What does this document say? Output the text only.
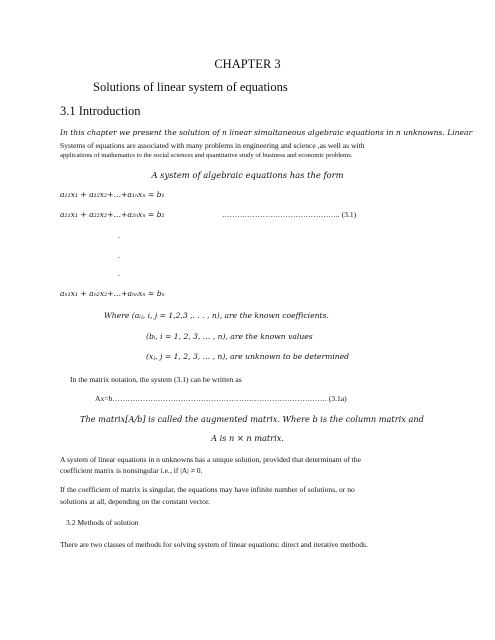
CHAPTER 3
Solutions of linear system of equations
3.1 Introduction
In this chapter we present the solution of n linear simultaneous algebraic equations in n unknowns. Linear
Systems of equations are associated with many problems in engineering and science ,as well as with
applications of mathematics to the social sciences and quantitative study of business and economic problems.
A system of algebraic equations has the form
a₁₁x₁ + a₁₂x₂+…+a₁ₙxₙ = b₁
a₂₁x₁ + a₂₂x₂+…+a₂ₙxₙ = b₂	……………………………………….. (3.1)
.
.
.
aₙ₁x₁ + aₙ₂x₂+…+aₙₙxₙ = bₙ
Where (aᵢⱼ, i, j = 1,2,3 ,. . . , n), are the known coefficients.
(bᵢ, i = 1, 2, 3, … , n), are the known values
(xⱼ, j = 1, 2, 3, … , n), are unknown to be determined
In the matrix notation, the system (3.1) can be written as
Ax=b…………………………………………………………………………. (3.1a)
The matrix[A/b] is called the augmented matrix. Where b is the column matrix and
A is n × n matrix.
A system of linear equations in n unknowns has a unique solution, provided that determinant of the
coefficient matrix is nonsingular i.e., if |A| ≠ 0.
If the coefficient of matrix is singular, the equations may have infinite number of solutions, or no
solutions at all, depending on the constant vector.
3.2 Methods of solution
There are two classes of methods for solving system of linear equations: direct and iterative methods.
